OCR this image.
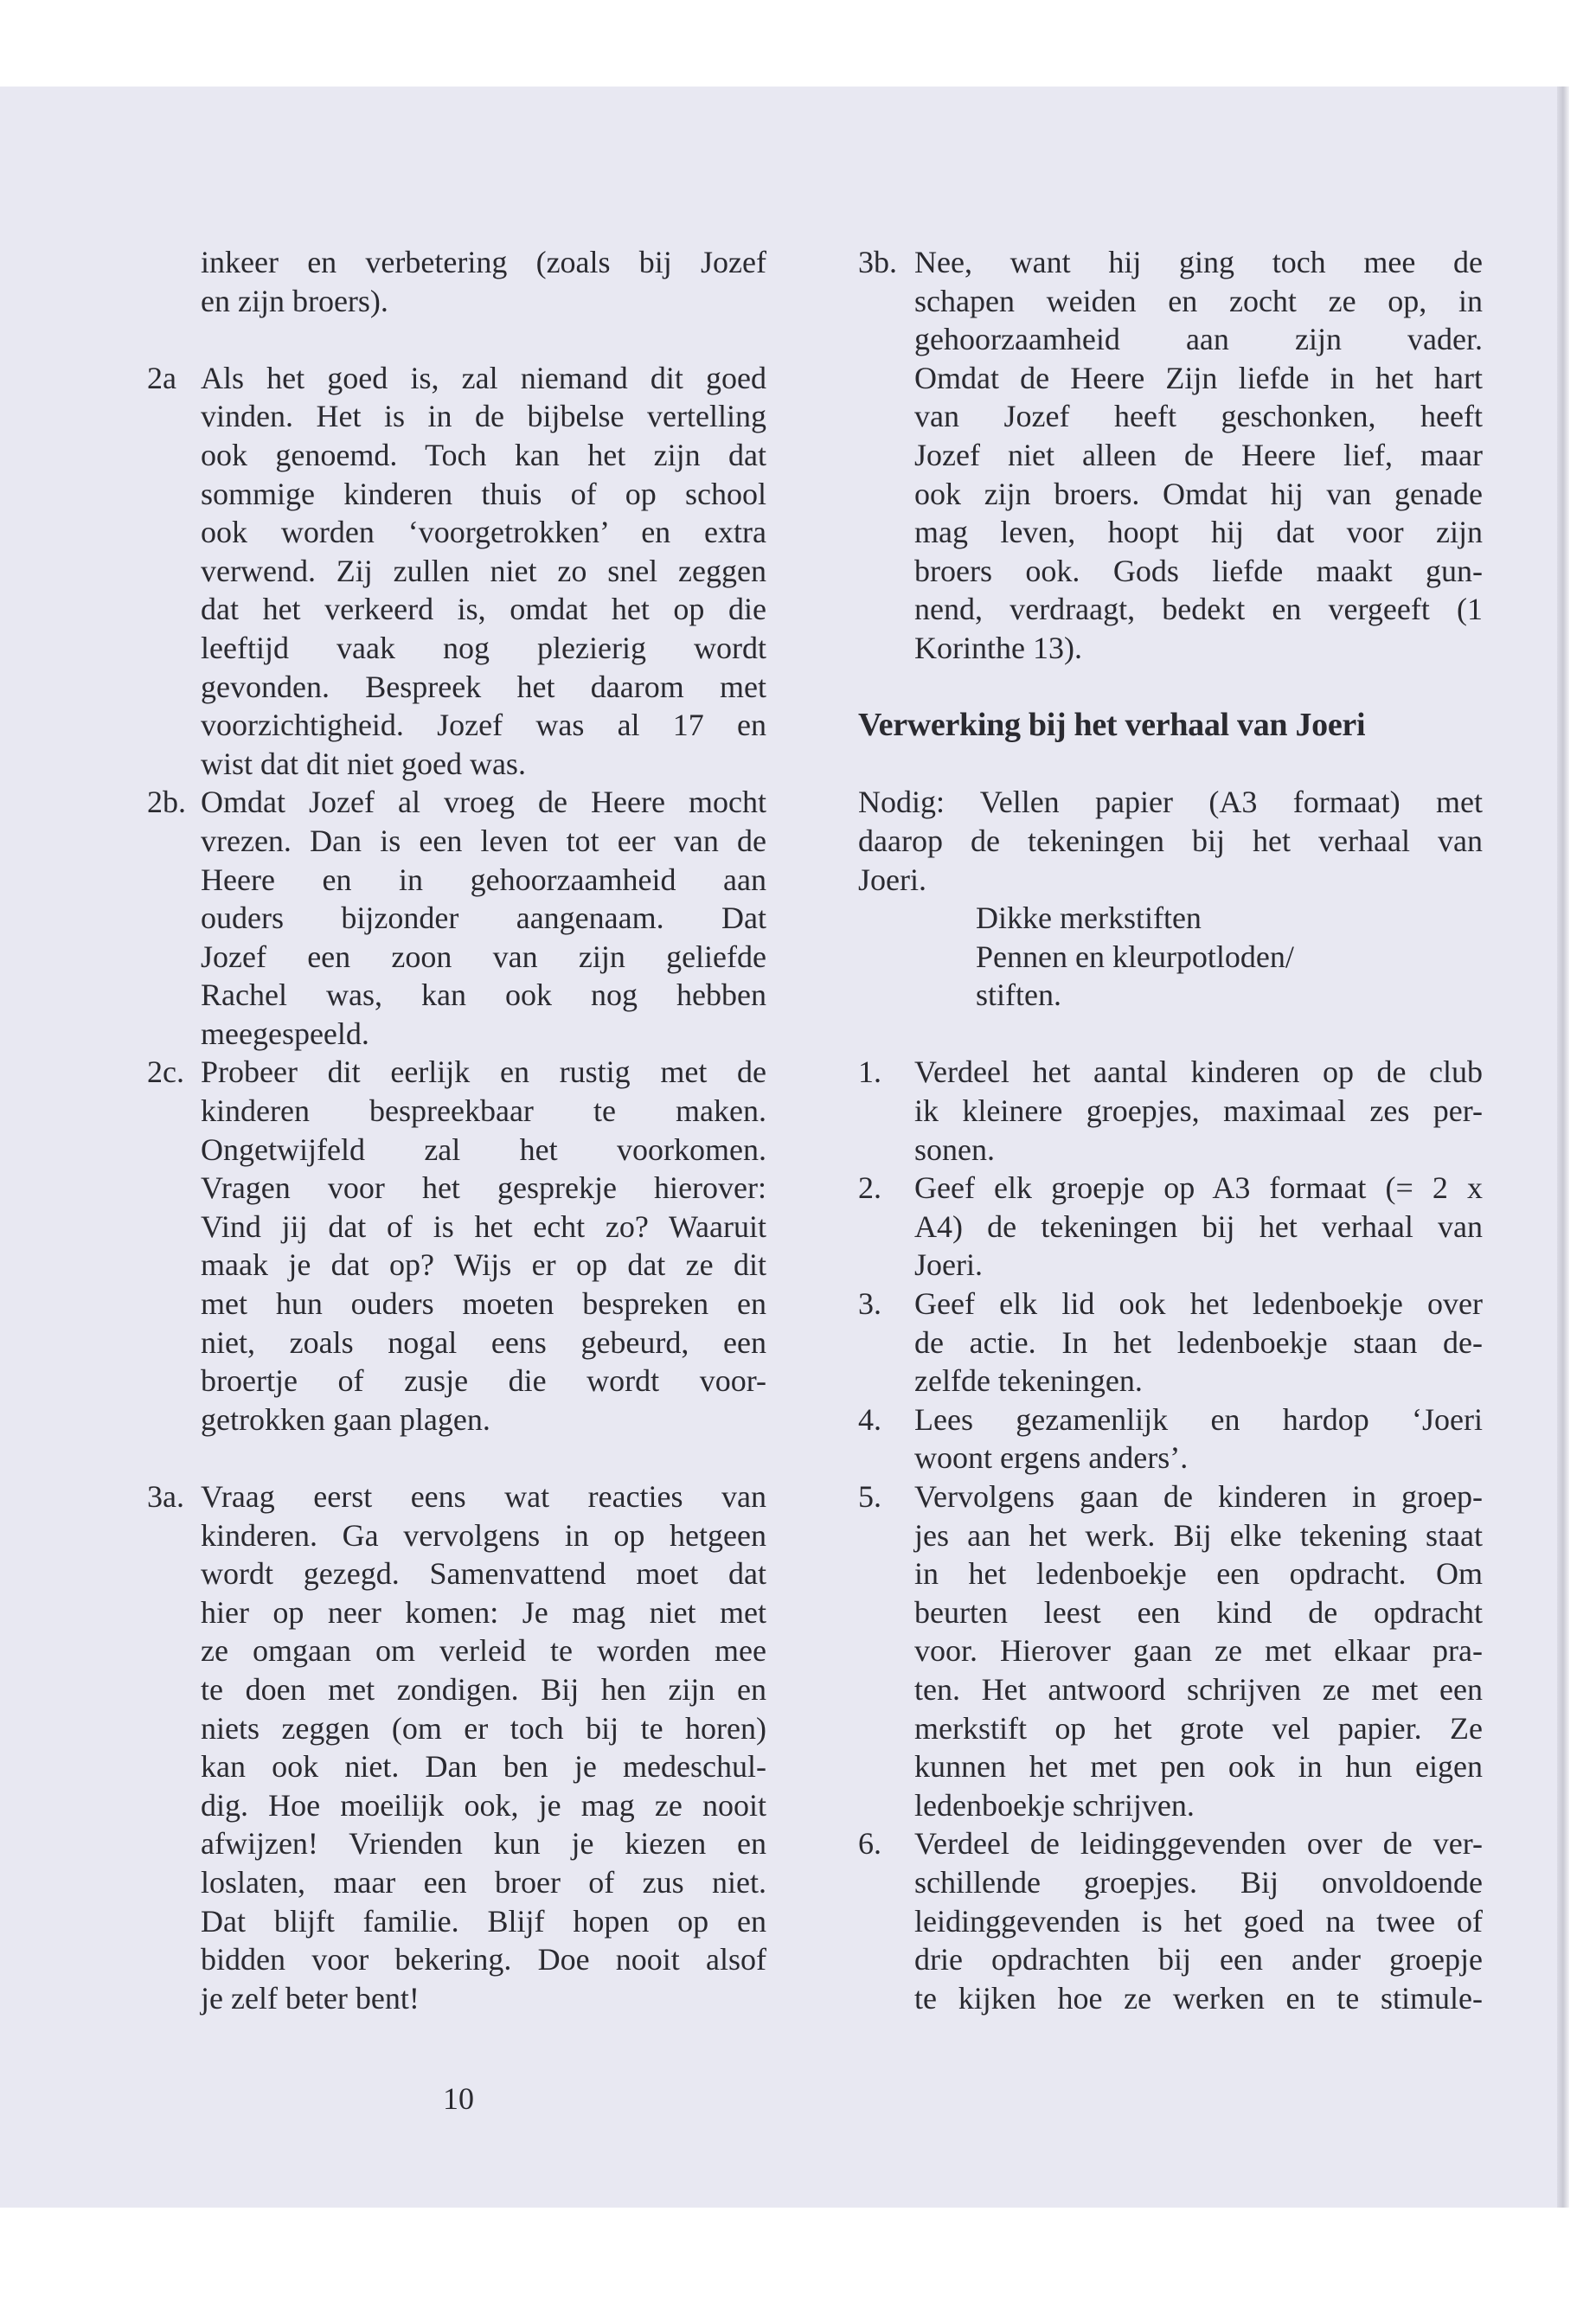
inkeer en verbetering (zoals bij Jozef
en zijn broers).
2a Als het goed is, zal niemand dit goed
vinden. Het is in de bijbelse vertelling
ook genoemd. Toch kan het zijn dat
sommige kinderen thuis of op school
ook worden ‘voorgetrokken’ en extra
verwend. Zij zullen niet zo snel zeggen
dat het verkeerd is, omdat het op die
leeftijd vaak nog plezierig wordt
gevonden. Bespreek het daarom met
voorzichtigheid. Jozef was al 17 en
wist dat dit niet goed was.
2b. Omdat Jozef al vroeg de Heere mocht
vrezen. Dan is een leven tot eer van de
Heere en in gehoorzaamheid aan
ouders bijzonder aangenaam. Dat
Jozef een zoon van zijn geliefde
Rachel was, kan ook nog hebben
meegespeeld.
2c. Probeer dit eerlijk en rustig met de
kinderen bespreekbaar te maken.
Ongetwijfeld zal het voorkomen.
Vragen voor het gesprekje hierover:
Vind jij dat of is het echt zo? Waaruit
maak je dat op? Wijs er op dat ze dit
met hun ouders moeten bespreken en
niet, zoals nogal eens gebeurd, een
broertje of zusje die wordt voor-
getrokken gaan plagen.
3a. Vraag eerst eens wat reacties van
kinderen. Ga vervolgens in op hetgeen
wordt gezegd. Samenvattend moet dat
hier op neer komen: Je mag niet met
ze omgaan om verleid te worden mee
te doen met zondigen. Bij hen zijn en
niets zeggen (om er toch bij te horen)
kan ook niet. Dan ben je medeschul-
dig. Hoe moeilijk ook, je mag ze nooit
afwijzen! Vrienden kun je kiezen en
loslaten, maar een broer of zus niet.
Dat blijft familie. Blijf hopen op en
bidden voor bekering. Doe nooit alsof
je zelf beter bent!
3b. Nee, want hij ging toch mee de
schapen weiden en zocht ze op, in
gehoorzaamheid aan zijn vader.
Omdat de Heere Zijn liefde in het hart
van Jozef heeft geschonken, heeft
Jozef niet alleen de Heere lief, maar
ook zijn broers. Omdat hij van genade
mag leven, hoopt hij dat voor zijn
broers ook. Gods liefde maakt gun-
nend, verdraagt, bedekt en vergeeft (1
Korinthe 13).
Verwerking bij het verhaal van Joeri
Nodig: Vellen papier (A3 formaat) met
daarop de tekeningen bij het verhaal van
Joeri.
Dikke merkstiften
Pennen en kleurpotloden/
stiften.
1. Verdeel het aantal kinderen op de club
ik kleinere groepjes, maximaal zes per-
sonen.
2. Geef elk groepje op A3 formaat (= 2 x
A4) de tekeningen bij het verhaal van
Joeri.
3. Geef elk lid ook het ledenboekje over
de actie. In het ledenboekje staan de-
zelfde tekeningen.
4. Lees gezamenlijk en hardop ‘Joeri
woont ergens anders’.
5. Vervolgens gaan de kinderen in groep-
jes aan het werk. Bij elke tekening staat
in het ledenboekje een opdracht. Om
beurten leest een kind de opdracht
voor. Hierover gaan ze met elkaar pra-
ten. Het antwoord schrijven ze met een
merkstift op het grote vel papier. Ze
kunnen het met pen ook in hun eigen
ledenboekje schrijven.
6. Verdeel de leidinggevenden over de ver-
schillende groepjes. Bij onvoldoende
leidinggevenden is het goed na twee of
drie opdrachten bij een ander groepje
te kijken hoe ze werken en te stimule-
10
